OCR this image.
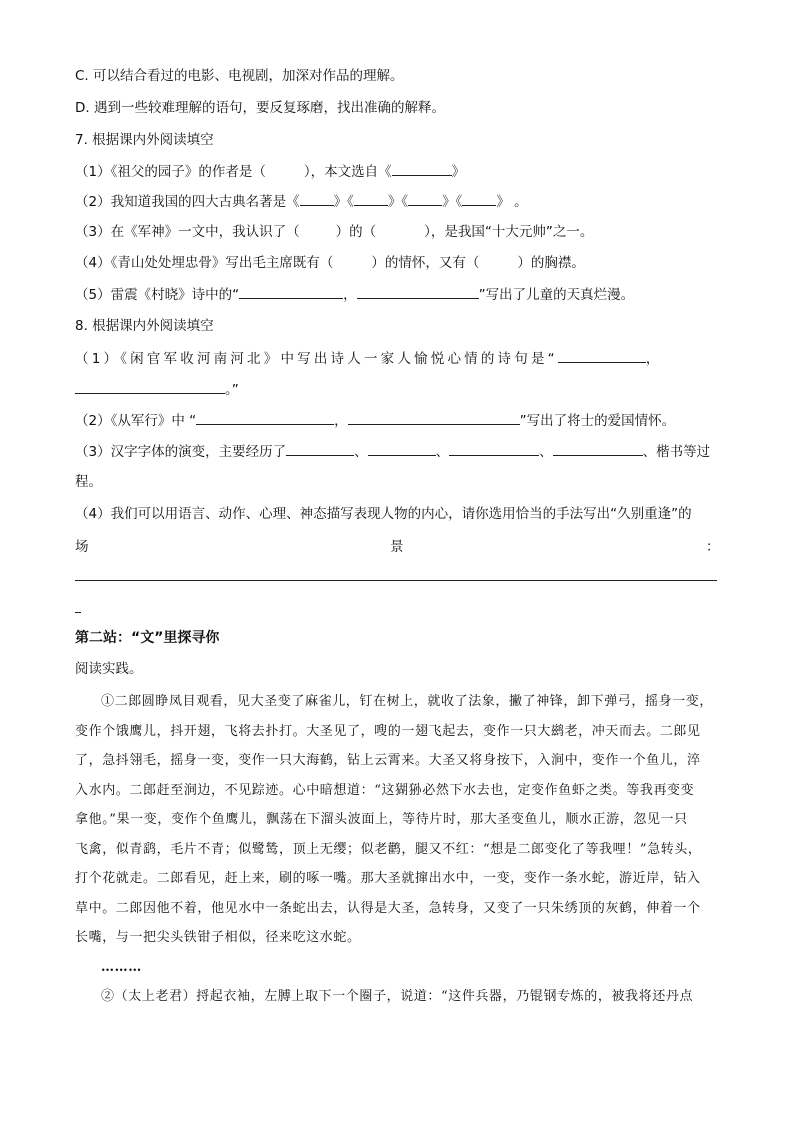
C. 可以结合看过的电影、电视剧，加深对作品的理解。
D. 遇到一些较难理解的语句，要反复琢磨，找出准确的解释。
7. 根据课内外阅读填空
（1）《祖父的园子》的作者是（	），本文选自《	》
（2）我知道我国的四大古典名著是《	》《	》《	》《	》 。
（3）在《军神》一文中，我认识了（	）的（	），是我国“十大元帅”之一。
（4）《青山处处埋忠骨》写出毛主席既有（	）的情怀，又有（	）的胸襟。
（5）雷震《村晓》诗中的“	，	”写出了儿童的天真烂漫。
8. 根据课内外阅读填空
（1）《闲官军收河南河北》中写出诗人一家人愉悦心情的诗句是“	，
。”
（2）《从军行》中 “	，	”写出了将士的爱国情怀。
（3）汉字字体的演变，主要经历了	、	、	、	、楷书等过
程。
（4）我们可以用语言、动作、心理、神态描写表现人物的内心，请你选用恰当的手法写出“久别重逢”的
场	景	：
第二站：“文”里探寻你
阅读实践。
①二郎圆睁凤目观看，见大圣变了麻雀儿，钉在树上，就收了法象，撇了神锋，卸下弹弓，摇身一变，
变作个饿鹰儿，抖开翅，飞将去扑打。大圣见了，嗖的一翅飞起去，变作一只大鹚老，冲天而去。二郎见
了，急抖翎毛，摇身一变，变作一只大海鹤，钻上云霄来。大圣又将身按下，入涧中，变作一个鱼儿，淬
入水内。二郎赶至涧边，不见踪迹。心中暗想道：“这猢狲必然下水去也，定变作鱼虾之类。等我再变变
拿他。”果一变，变作个鱼鹰儿，飘荡在下溜头波面上，等待片时，那大圣变鱼儿，顺水正游，忽见一只
飞禽，似青鹞，毛片不青；似鹭鸶，顶上无缨；似老鹳，腿又不红：“想是二郎变化了等我哩！”急转头，
打个花就走。二郎看见，赶上来，刷的啄一嘴。那大圣就撺出水中，一变，变作一条水蛇，游近岸，钻入
草中。二郎因他不着，他见水中一条蛇出去，认得是大圣，急转身，又变了一只朱绣顶的灰鹤，伸着一个
长嘴，与一把尖头铁钳子相似，径来吃这水蛇。
………
②（太上老君）捋起衣袖，左膊上取下一个圈子，说道：“这件兵器，乃锟钢专炼的，被我将还丹点
